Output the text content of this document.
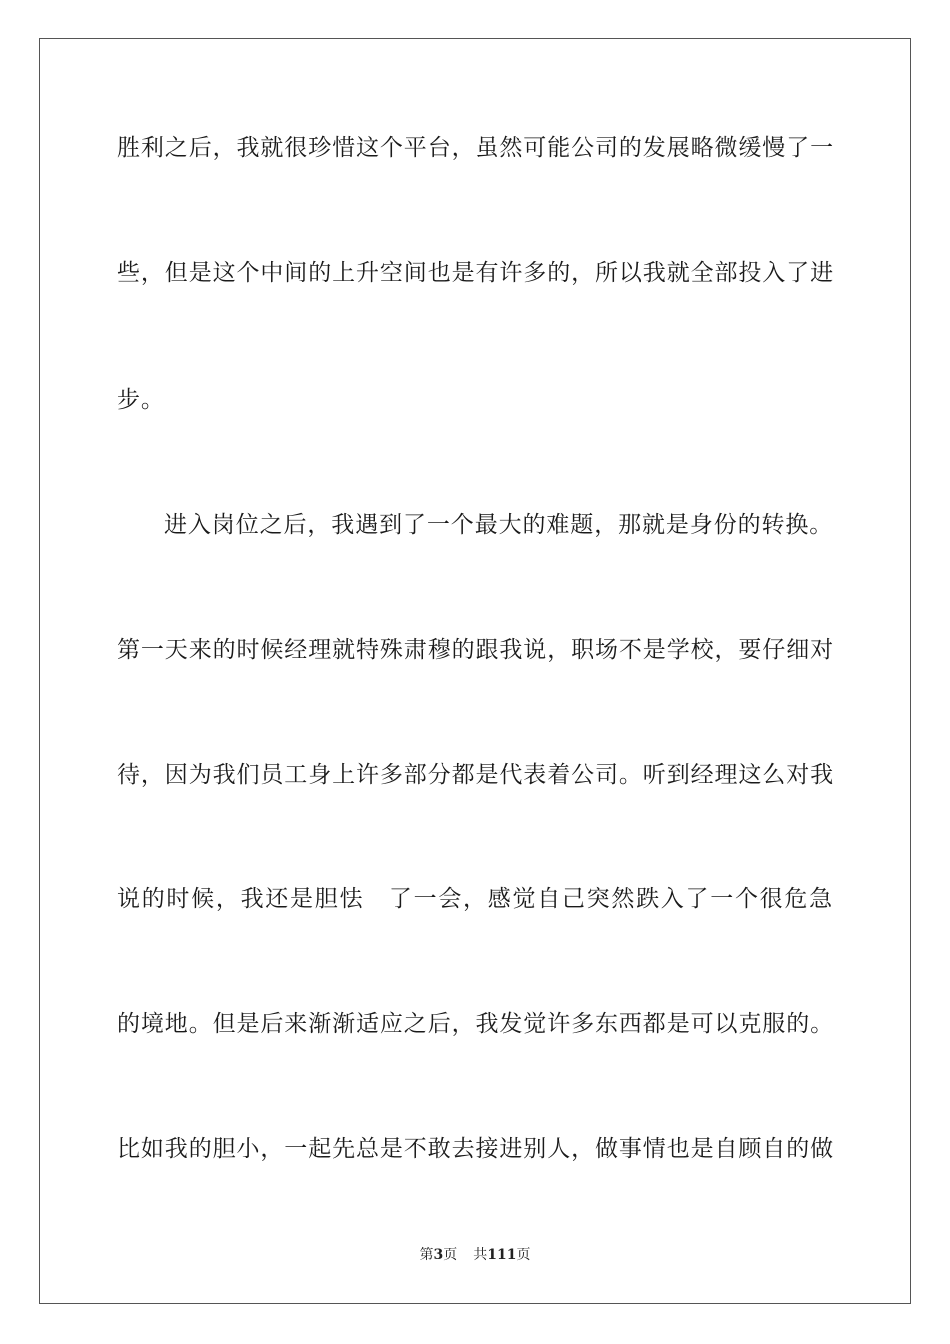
胜利之后，我就很珍惜这个平台，虽然可能公司的发展略微缓慢了一
些，但是这个中间的上升空间也是有许多的，所以我就全部投入了进
步。
进入岗位之后，我遇到了一个最大的难题，那就是身份的转换。
第一天来的时候经理就特殊肃穆的跟我说，职场不是学校，要仔细对
待，因为我们员工身上许多部分都是代表着公司。听到经理这么对我
说的时候，我还是胆怯　了一会，感觉自己突然跌入了一个很危急
的境地。但是后来渐渐适应之后，我发觉许多东西都是可以克服的。
比如我的胆小，一起先总是不敢去接进别人，做事情也是自顾自的做
第3页 共111页
